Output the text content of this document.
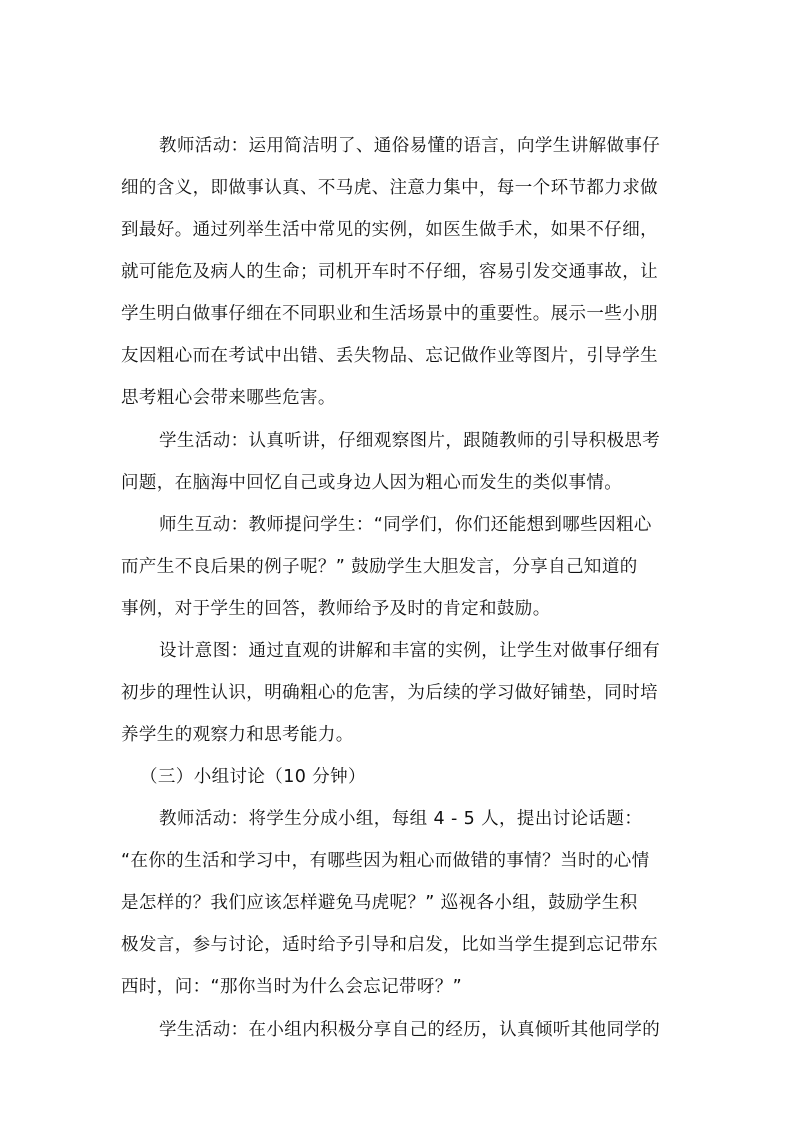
教师活动：运用简洁明了、通俗易懂的语言，向学生讲解做事仔
细的含义，即做事认真、不马虎、注意力集中，每一个环节都力求做
到最好。通过列举生活中常见的实例，如医生做手术，如果不仔细，
就可能危及病人的生命；司机开车时不仔细，容易引发交通事故，让
学生明白做事仔细在不同职业和生活场景中的重要性。展示一些小朋
友因粗心而在考试中出错、丢失物品、忘记做作业等图片，引导学生
思考粗心会带来哪些危害。
学生活动：认真听讲，仔细观察图片，跟随教师的引导积极思考
问题，在脑海中回忆自己或身边人因为粗心而发生的类似事情。
师生互动：教师提问学生：“同学们，你们还能想到哪些因粗心
而产生不良后果的例子呢？” 鼓励学生大胆发言，分享自己知道的
事例，对于学生的回答，教师给予及时的肯定和鼓励。
设计意图：通过直观的讲解和丰富的实例，让学生对做事仔细有
初步的理性认识，明确粗心的危害，为后续的学习做好铺垫，同时培
养学生的观察力和思考能力。
（三）小组讨论（10 分钟）
教师活动：将学生分成小组，每组 4 - 5 人，提出讨论话题：
“在你的生活和学习中，有哪些因为粗心而做错的事情？当时的心情
是怎样的？我们应该怎样避免马虎呢？” 巡视各小组，鼓励学生积
极发言，参与讨论，适时给予引导和启发，比如当学生提到忘记带东
西时，问：“那你当时为什么会忘记带呀？”
学生活动：在小组内积极分享自己的经历，认真倾听其他同学的
